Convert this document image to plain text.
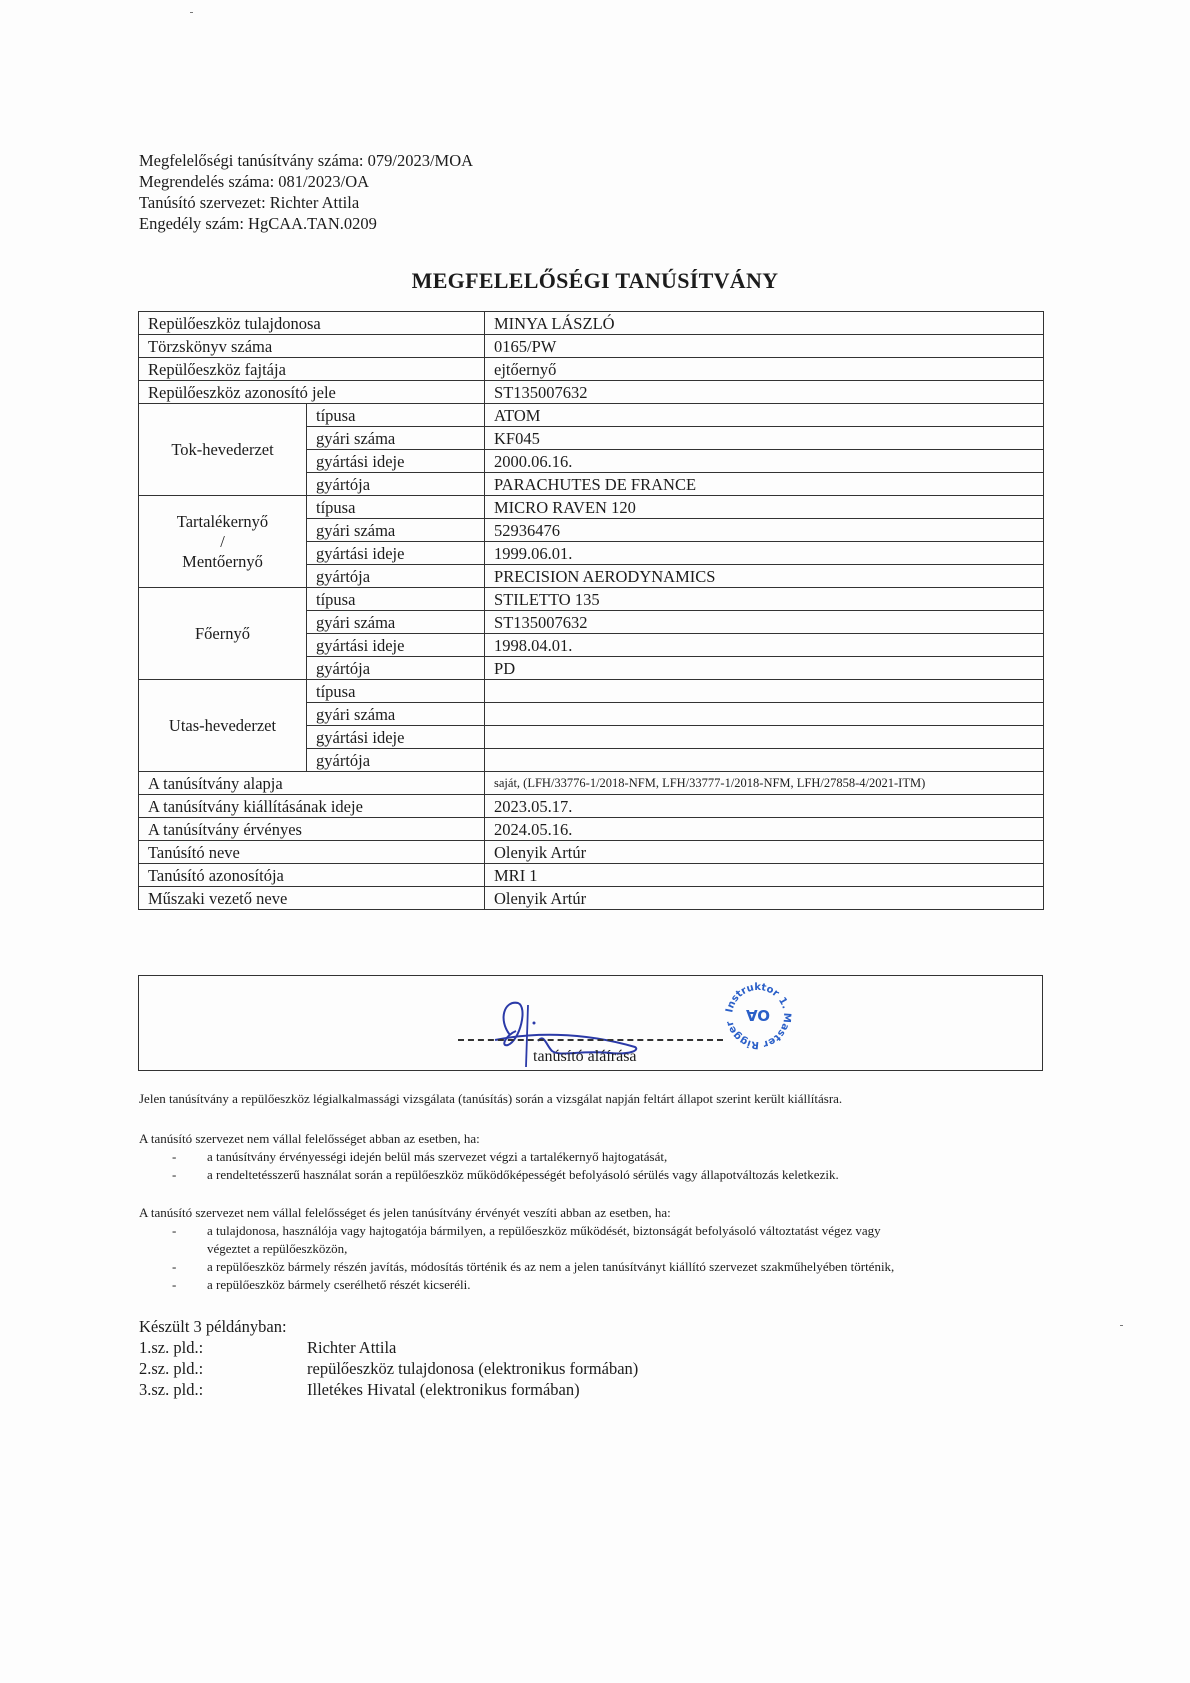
Megfelelőségi tanúsítvány száma: 079/2023/MOA
Megrendelés száma: 081/2023/OA
Tanúsító szervezet: Richter Attila
Engedély szám: HgCAA.TAN.0209
MEGFELELŐSÉGI TANÚSÍTVÁNY
Repülőeszköz tulajdonosa		MINYA LÁSZLÓ
Törzskönyv száma		0165/PW
Repülőeszköz fajtája		ejtőernyő
Repülőeszköz azonosító jele		ST135007632
Tok-hevederzet	típusa	ATOM
	gyári száma	KF045
	gyártási ideje	2000.06.16.
	gyártója	PARACHUTES DE FRANCE

Tartalékernyő
/
Mentőernyő	típusa	MICRO RAVEN 120
	gyári száma	52936476
	gyártási ideje	1999.06.01.
	gyártója	PRECISION AERODYNAMICS
Főernyő	típusa	STILETTO 135
	gyári száma	ST135007632
	gyártási ideje	1998.04.01.
	gyártója	PD
Utas-hevederzet	típusa	
	gyári száma	
	gyártási ideje	
	gyártója	
A tanúsítvány alapja		saját, (LFH/33776-1/2018-NFM, LFH/33777-1/2018-NFM, LFH/27858-4/2021-ITM)
A tanúsítvány kiállításának ideje		2023.05.17.
A tanúsítvány érvényes		2024.05.16.
Tanúsító neve		Olenyik Artúr
Tanúsító azonosítója		MRI 1
Műszaki vezető neve		Olenyik Artúr
tanúsító aláírása
Instruktor 1. Master Rigger OA
Jelen tanúsítvány a repülőeszköz légialkalmassági vizsgálata (tanúsítás) során a vizsgálat napján feltárt állapot szerint került kiállításra.
A tanúsító szervezet nem vállal felelősséget abban az esetben, ha:
- a tanúsítvány érvényességi idején belül más szervezet végzi a tartalékernyő hajtogatását,
- a rendeltetésszerű használat során a repülőeszköz működőképességét befolyásoló sérülés vagy állapotváltozás keletkezik.
A tanúsító szervezet nem vállal felelősséget és jelen tanúsítvány érvényét veszíti abban az esetben, ha:
- a tulajdonosa, használója vagy hajtogatója bármilyen, a repülőeszköz működését, biztonságát befolyásoló változtatást végez vagy
végeztet a repülőeszközön,
- a repülőeszköz bármely részén javítás, módosítás történik és az nem a jelen tanúsítványt kiállító szervezet szakműhelyében történik,
- a repülőeszköz bármely cserélhető részét kicseréli.
Készült 3 példányban:
1.sz. pld.:	Richter Attila
2.sz. pld.:	repülőeszköz tulajdonosa (elektronikus formában)
3.sz. pld.:	Illetékes Hivatal (elektronikus formában)
